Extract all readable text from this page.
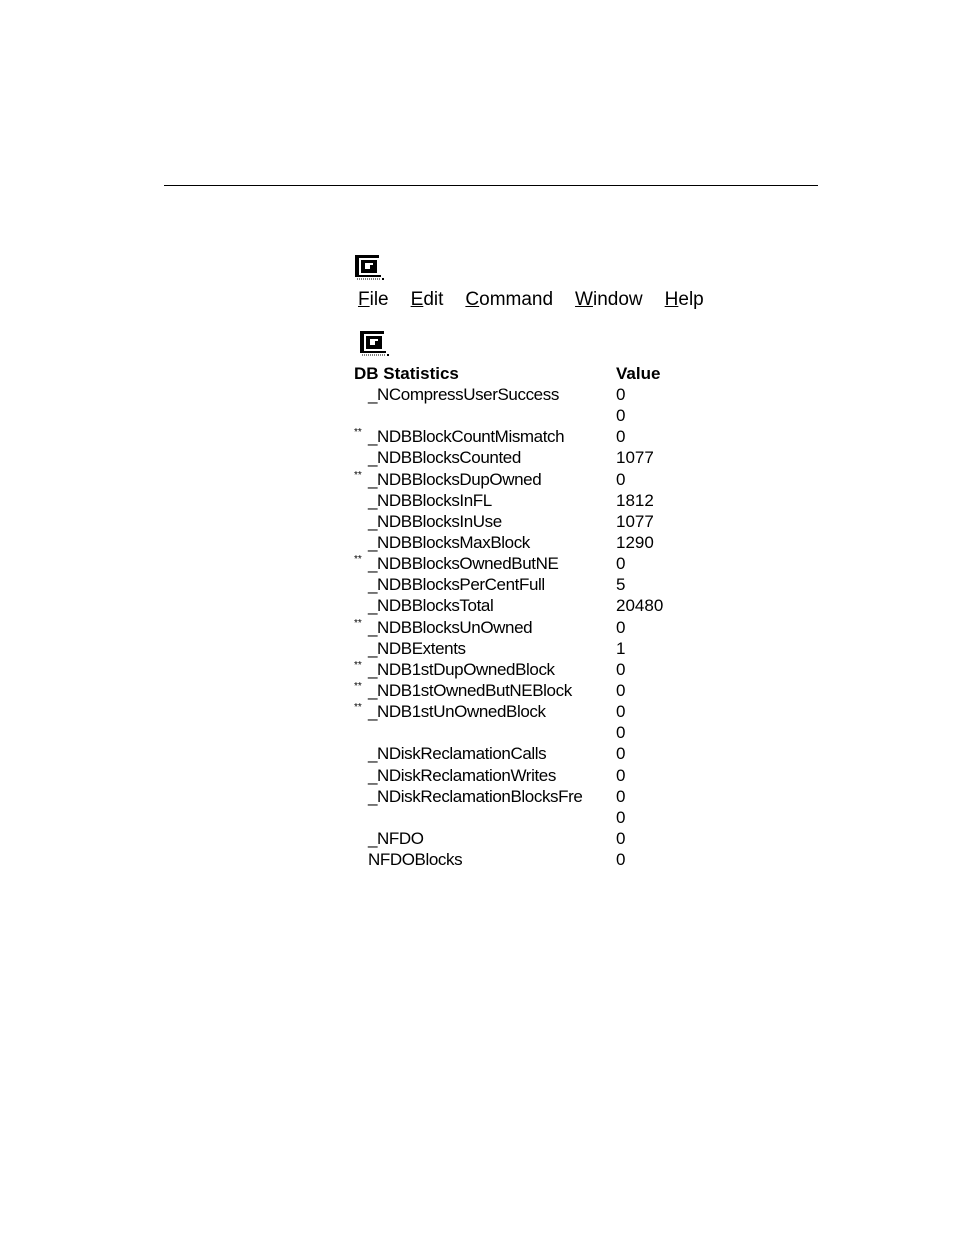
File Edit Command Window Help
DB Statistics	Value
_NCompressUserSuccess	0
0
** _NDBBlockCountMismatch	0
_NDBBlocksCounted	1077
** _NDBBlocksDupOwned	0
_NDBBlocksInFL	1812
_NDBBlocksInUse	1077
_NDBBlocksMaxBlock	1290
** _NDBBlocksOwnedButNE	0
_NDBBlocksPerCentFull	5
_NDBBlocksTotal	20480
** _NDBBlocksUnOwned	0
_NDBExtents	1
** _NDB1stDupOwnedBlock	0
** _NDB1stOwnedButNEBlock	0
** _NDB1stUnOwnedBlock	0
0
_NDiskReclamationCalls	0
_NDiskReclamationWrites	0
_NDiskReclamationBlocksFre 0
0
_NFDO	0
NFDOBlocks	0
